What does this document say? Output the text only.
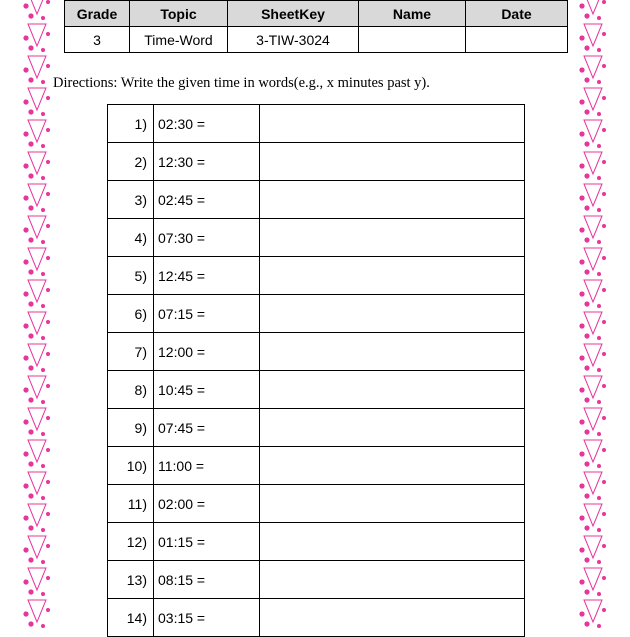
Grade	Topic	SheetKey	Name	Date
3	Time-Word	3-TIW-3024		
Directions: Write the given time in words(e.g., x minutes past y).
1)	02:30 =	
2)	12:30 =	
3)	02:45 =	
4)	07:30 =	
5)	12:45 =	
6)	07:15 =	
7)	12:00 =	
8)	10:45 =	
9)	07:45 =	
10)	11:00 =	
11)	02:00 =	
12)	01:15 =	
13)	08:15 =	
14)	03:15 =	
